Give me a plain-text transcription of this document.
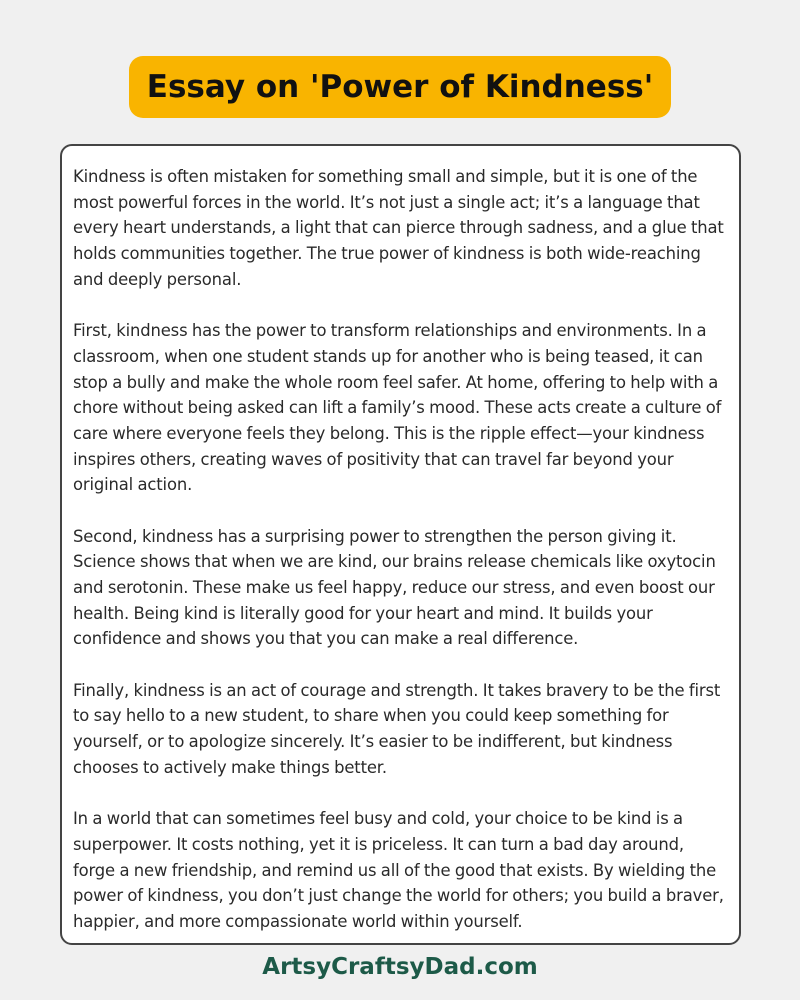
Essay on 'Power of Kindness'

Kindness is often mistaken for something small and simple, but it is one of the most powerful forces in the world. It’s not just a single act; it’s a language that every heart understands, a light that can pierce through sadness, and a glue that holds communities together. The true power of kindness is both wide-reaching and deeply personal.

First, kindness has the power to transform relationships and environments. In a classroom, when one student stands up for another who is being teased, it can stop a bully and make the whole room feel safer. At home, offering to help with a chore without being asked can lift a family’s mood. These acts create a culture of care where everyone feels they belong. This is the ripple effect—your kindness inspires others, creating waves of positivity that can travel far beyond your original action.

Second, kindness has a surprising power to strengthen the person giving it. Science shows that when we are kind, our brains release chemicals like oxytocin and serotonin. These make us feel happy, reduce our stress, and even boost our health. Being kind is literally good for your heart and mind. It builds your confidence and shows you that you can make a real difference.

Finally, kindness is an act of courage and strength. It takes bravery to be the first to say hello to a new student, to share when you could keep something for yourself, or to apologize sincerely. It’s easier to be indifferent, but kindness chooses to actively make things better.

In a world that can sometimes feel busy and cold, your choice to be kind is a superpower. It costs nothing, yet it is priceless. It can turn a bad day around, forge a new friendship, and remind us all of the good that exists. By wielding the power of kindness, you don’t just change the world for others; you build a braver, happier, and more compassionate world within yourself.

ArtsyCraftsyDad.com
